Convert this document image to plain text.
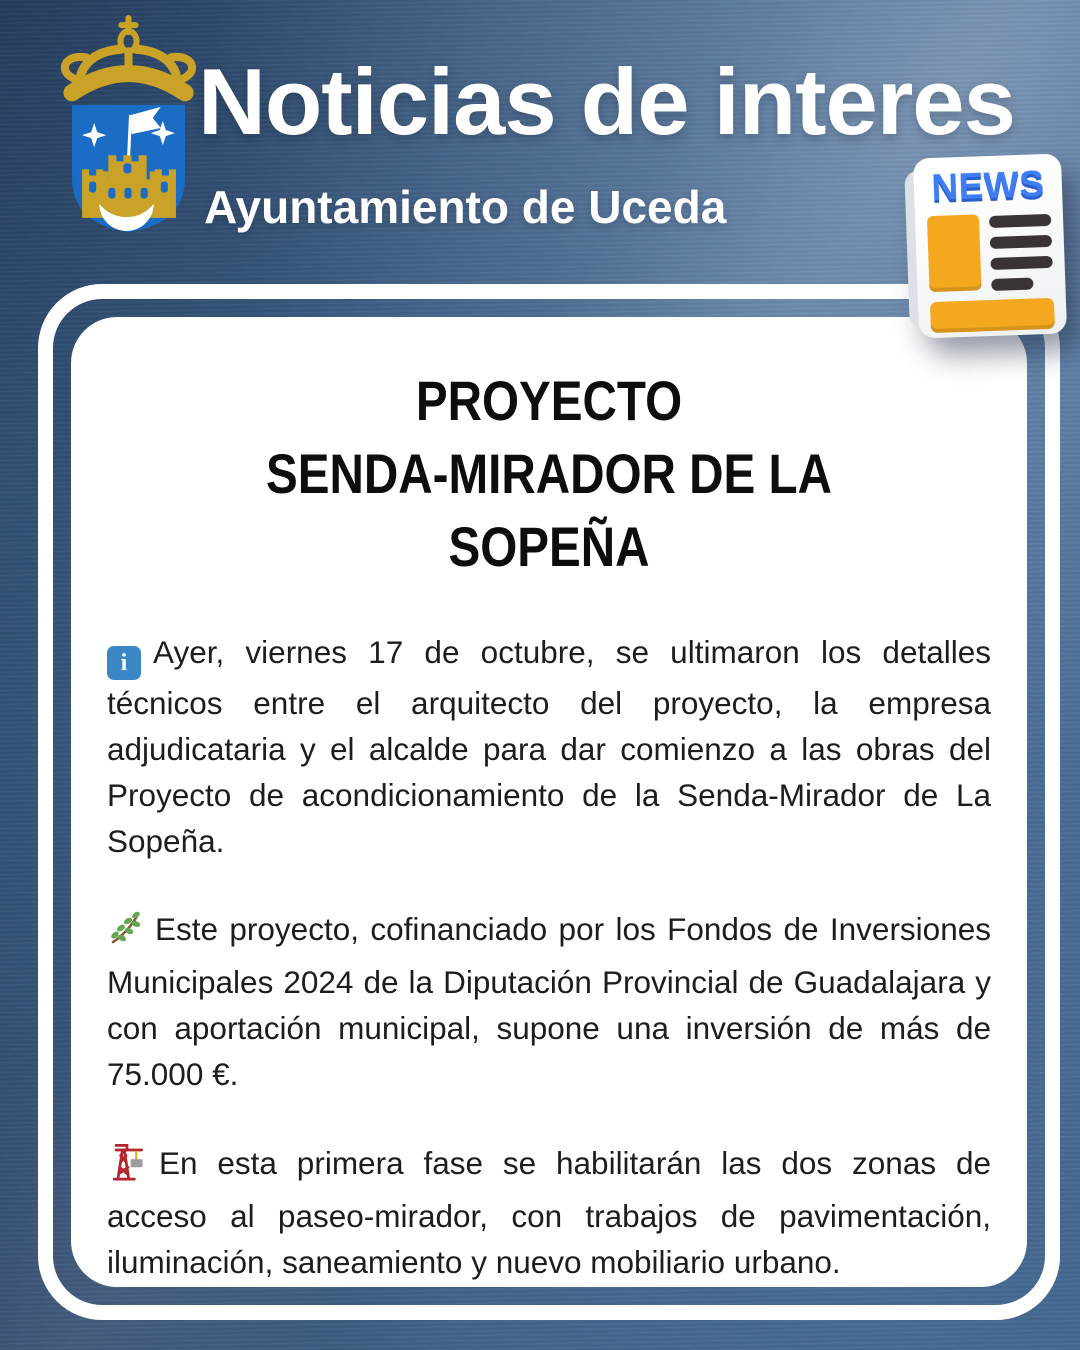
Noticias de interes
Ayuntamiento de Uceda	NEWS
PROYECTO
SENDA-MIRADOR DE LA SOPEÑA

i Ayer, viernes 17 de octubre, se ultimaron los detalles técnicos entre el arquitecto del proyecto, la empresa adjudicataria y el alcalde para dar comienzo a las obras del Proyecto de acondicionamiento de la Senda-Mirador de La Sopeña.

Este proyecto, cofinanciado por los Fondos de Inversiones Municipales 2024 de la Diputación Provincial de Guadalajara y con aportación municipal, supone una inversión de más de 75.000 €.

En esta primera fase se habilitarán las dos zonas de acceso al paseo-mirador, con trabajos de pavimentación, iluminación, saneamiento y nuevo mobiliario urbano.
